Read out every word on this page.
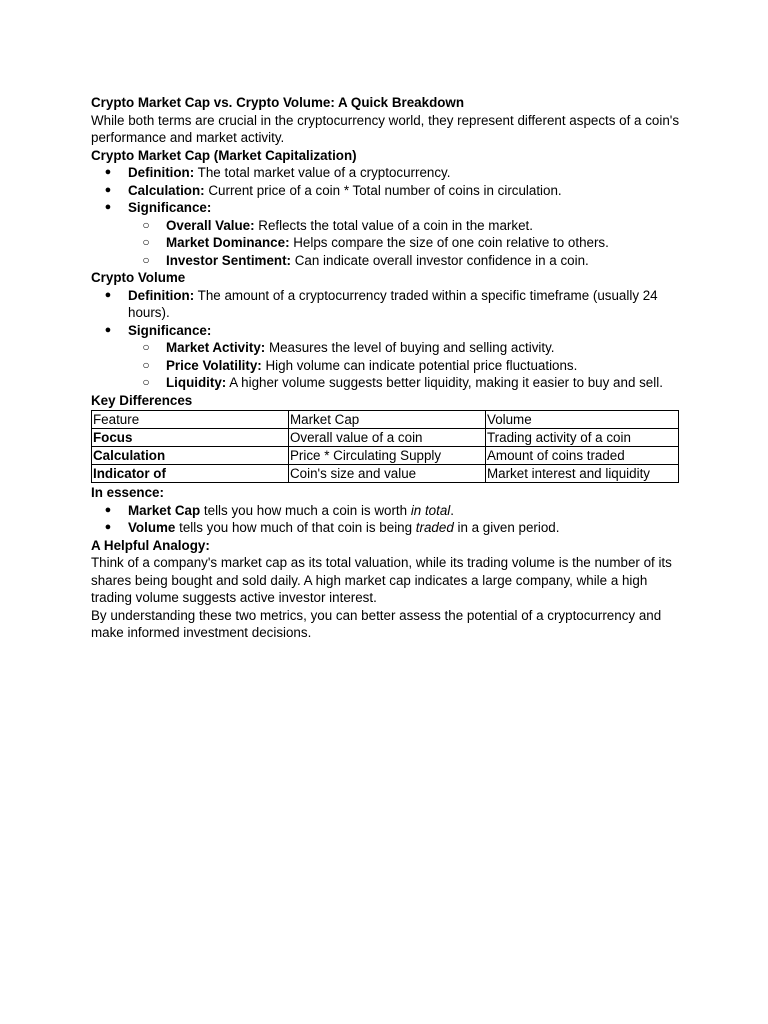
Crypto Market Cap vs. Crypto Volume: A Quick Breakdown

While both terms are crucial in the cryptocurrency world, they represent different aspects of a coin's performance and market activity.

Crypto Market Cap (Market Capitalization)

●	Definition: The total market value of a cryptocurrency.
●	Calculation: Current price of a coin * Total number of coins in circulation.
●	Significance:
○	Overall Value: Reflects the total value of a coin in the market.
○	Market Dominance: Helps compare the size of one coin relative to others.
○	Investor Sentiment: Can indicate overall investor confidence in a coin.

Crypto Volume

●	Definition: The amount of a cryptocurrency traded within a specific timeframe (usually 24 hours).
●	Significance:
○	Market Activity: Measures the level of buying and selling activity.
○	Price Volatility: High volume can indicate potential price fluctuations.
○	Liquidity: A higher volume suggests better liquidity, making it easier to buy and sell.

Key Differences

Feature	Market Cap	Volume
Focus	Overall value of a coin	Trading activity of a coin
Calculation	Price * Circulating Supply	Amount of coins traded
Indicator of	Coin's size and value	Market interest and liquidity

In essence:

●	Market Cap tells you how much a coin is worth in total.
●	Volume tells you how much of that coin is being traded in a given period.

A Helpful Analogy:

Think of a company's market cap as its total valuation, while its trading volume is the number of its shares being bought and sold daily. A high market cap indicates a large company, while a high trading volume suggests active investor interest.

By understanding these two metrics, you can better assess the potential of a cryptocurrency and make informed investment decisions.
